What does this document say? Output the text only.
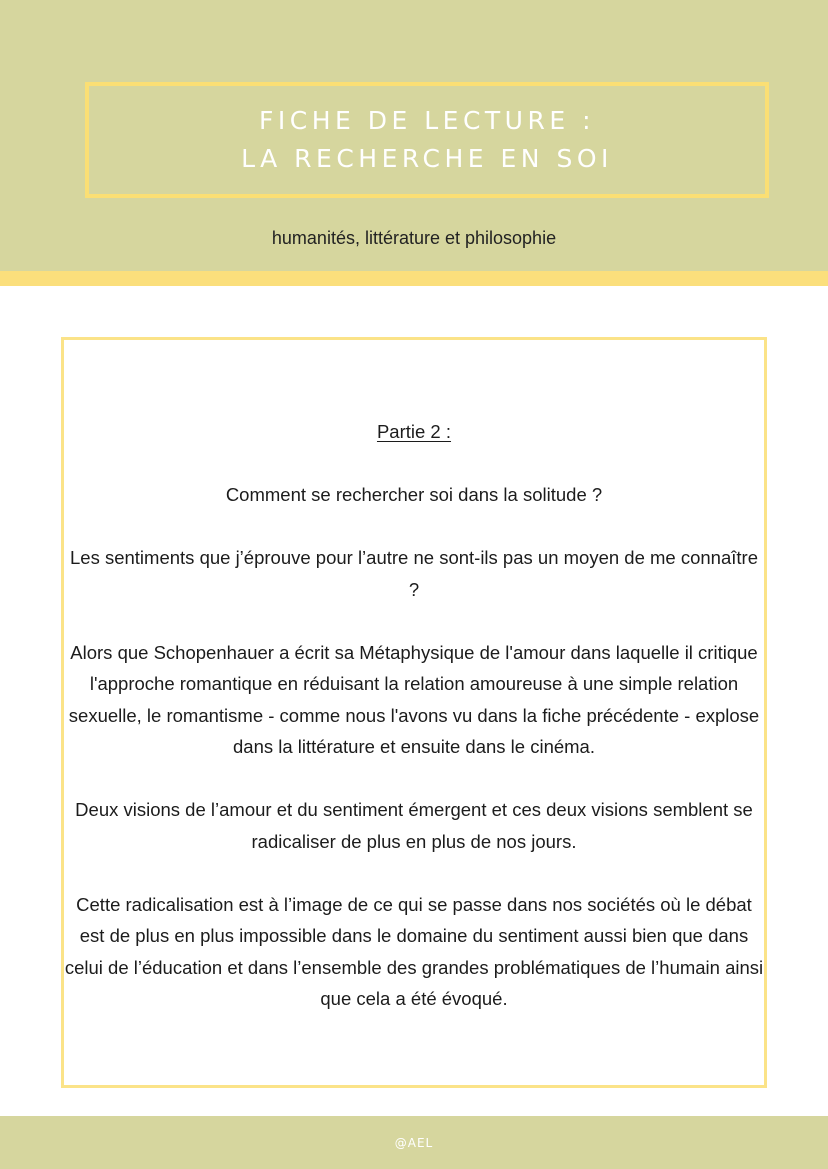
FICHE DE LECTURE :
LA RECHERCHE EN SOI
humanités, littérature et philosophie

Partie 2 :

Comment se rechercher soi dans la solitude ?

Les sentiments que j’éprouve pour l’autre ne sont-ils pas un moyen de me connaître ?

Alors que Schopenhauer a écrit sa Métaphysique de l'amour dans laquelle il critique l'approche romantique en réduisant la relation amoureuse à une simple relation sexuelle, le romantisme - comme nous l'avons vu dans la fiche précédente - explose dans la littérature et ensuite dans le cinéma.

Deux visions de l’amour et du sentiment émergent et ces deux visions semblent se radicaliser de plus en plus de nos jours.

Cette radicalisation est à l’image de ce qui se passe dans nos sociétés où le débat est de plus en plus impossible dans le domaine du sentiment aussi bien que dans celui de l’éducation et dans l’ensemble des grandes problématiques de l’humain ainsi que cela a été évoqué.

@AEL
